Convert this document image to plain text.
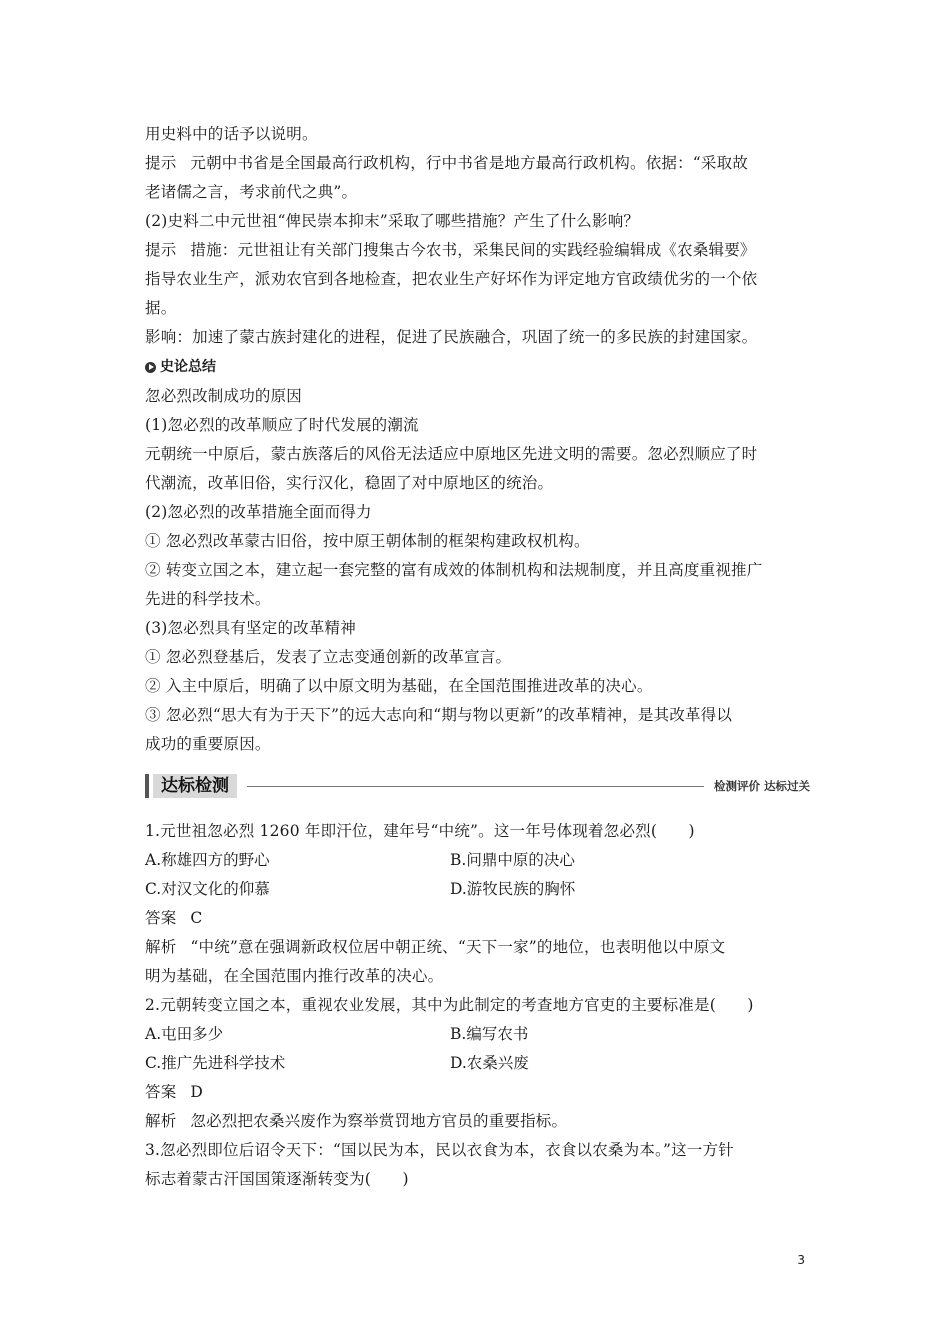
用史料中的话予以说明。
提示 元朝中书省是全国最高行政机构，行中书省是地方最高行政机构。依据：“采取故
老诸儒之言，考求前代之典”。
(2)史料二中元世祖“俾民崇本抑末”采取了哪些措施？产生了什么影响？
提示 措施：元世祖让有关部门搜集古今农书，采集民间的实践经验编辑成《农桑辑要》
指导农业生产，派劝农官到各地检查，把农业生产好坏作为评定地方官政绩优劣的一个依
据。
影响：加速了蒙古族封建化的进程，促进了民族融合，巩固了统一的多民族的封建国家。
史论总结
忽必烈改制成功的原因
(1)忽必烈的改革顺应了时代发展的潮流
元朝统一中原后，蒙古族落后的风俗无法适应中原地区先进文明的需要。忽必烈顺应了时
代潮流，改革旧俗，实行汉化，稳固了对中原地区的统治。
(2)忽必烈的改革措施全面而得力
① 忽必烈改革蒙古旧俗，按中原王朝体制的框架构建政权机构。
② 转变立国之本，建立起一套完整的富有成效的体制机构和法规制度，并且高度重视推广
先进的科学技术。
(3)忽必烈具有坚定的改革精神
① 忽必烈登基后，发表了立志变通创新的改革宣言。
② 入主中原后，明确了以中原文明为基础，在全国范围推进改革的决心。
③ 忽必烈“思大有为于天下”的远大志向和“期与物以更新”的改革精神，是其改革得以
成功的重要原因。
达标检测	检测评价 达标过关
1.元世祖忽必烈 1260 年即汗位，建年号“中统”。这一年号体现着忽必烈(　　)
A.称雄四方的野心	B.问鼎中原的决心
C.对汉文化的仰慕	D.游牧民族的胸怀
答案 C
解析 “中统”意在强调新政权位居中朝正统、“天下一家”的地位，也表明他以中原文
明为基础，在全国范围内推行改革的决心。
2.元朝转变立国之本，重视农业发展，其中为此制定的考查地方官吏的主要标准是(　　)
A.屯田多少	B.编写农书
C.推广先进科学技术	D.农桑兴废
答案 D
解析 忽必烈把农桑兴废作为察举赏罚地方官员的重要指标。
3.忽必烈即位后诏令天下：“国以民为本，民以衣食为本，衣食以农桑为本。”这一方针
标志着蒙古汗国国策逐渐转变为(　　)
3
